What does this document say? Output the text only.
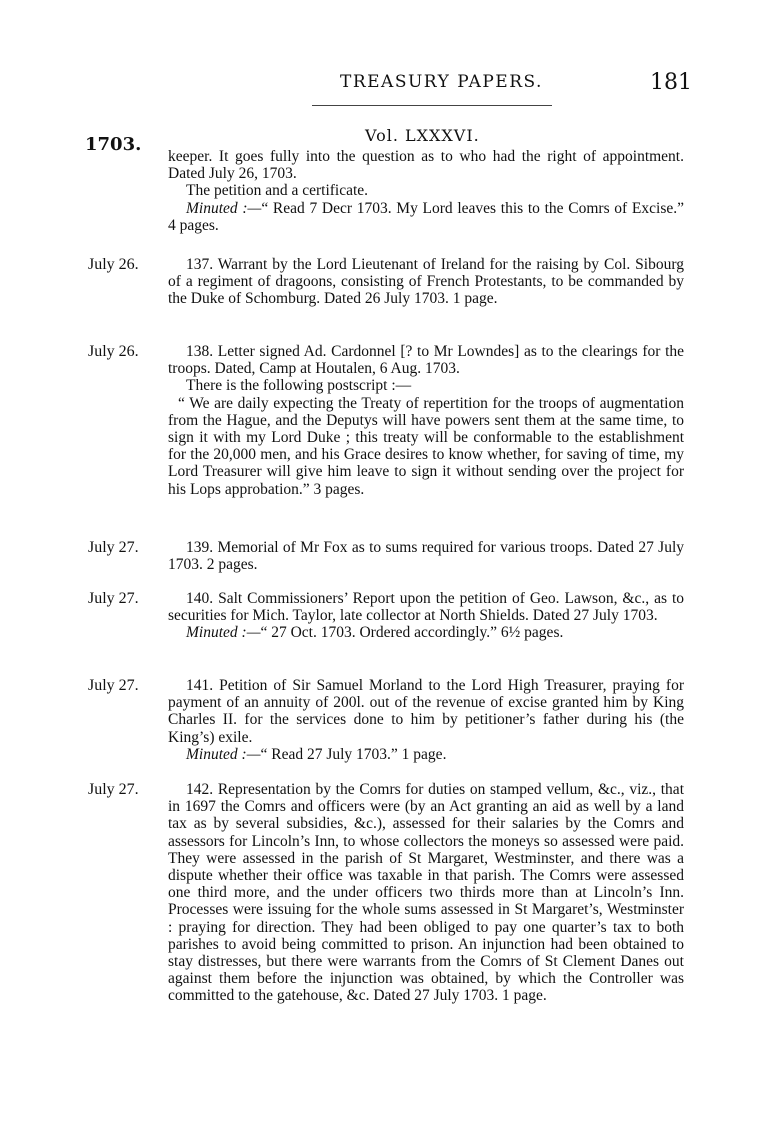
TREASURY PAPERS.	181
1703.	Vol. LXXXVI.

keeper. It goes fully into the question as to who had the right of appointment. Dated July 26, 1703.

The petition and a certificate.

Minuted :—“ Read 7 Decr 1703. My Lord leaves this to the Comrs of Excise.” 4 pages.

July 26.	137. Warrant by the Lord Lieutenant of Ireland for the raising by Col. Sibourg of a regiment of dragoons, consisting of French Protestants, to be commanded by the Duke of Schomburg. Dated 26 July 1703. 1 page.

July 26.	138. Letter signed Ad. Cardonnel [? to Mr Lowndes] as to the clearings for the troops. Dated, Camp at Houtalen, 6 Aug. 1703.

There is the following postscript :—

“ We are daily expecting the Treaty of repertition for the troops of augmentation from the Hague, and the Deputys will have powers sent them at the same time, to sign it with my Lord Duke ; this treaty will be conformable to the establishment for the 20,000 men, and his Grace desires to know whether, for saving of time, my Lord Treasurer will give him leave to sign it without sending over the project for his Lops approbation.” 3 pages.

July 27.	139. Memorial of Mr Fox as to sums required for various troops. Dated 27 July 1703. 2 pages.

July 27.	140. Salt Commissioners’ Report upon the petition of Geo. Lawson, &c., as to securities for Mich. Taylor, late collector at North Shields. Dated 27 July 1703.

Minuted :—“ 27 Oct. 1703. Ordered accordingly.” 6½ pages.

July 27.	141. Petition of Sir Samuel Morland to the Lord High Treasurer, praying for payment of an annuity of 200l. out of the revenue of excise granted him by King Charles II. for the services done to him by petitioner’s father during his (the King’s) exile.

Minuted :—“ Read 27 July 1703.” 1 page.

July 27.	142. Representation by the Comrs for duties on stamped vellum, &c., viz., that in 1697 the Comrs and officers were (by an Act granting an aid as well by a land tax as by several subsidies, &c.), assessed for their salaries by the Comrs and assessors for Lincoln’s Inn, to whose collectors the moneys so assessed were paid. They were assessed in the parish of St Margaret, Westminster, and there was a dispute whether their office was taxable in that parish. The Comrs were assessed one third more, and the under officers two thirds more than at Lincoln’s Inn. Processes were issuing for the whole sums assessed in St Margaret’s, Westminster : praying for direction. They had been obliged to pay one quarter’s tax to both parishes to avoid being committed to prison. An injunction had been obtained to stay distresses, but there were warrants from the Comrs of St Clement Danes out against them before the injunction was obtained, by which the Controller was committed to the gatehouse, &c. Dated 27 July 1703. 1 page.
